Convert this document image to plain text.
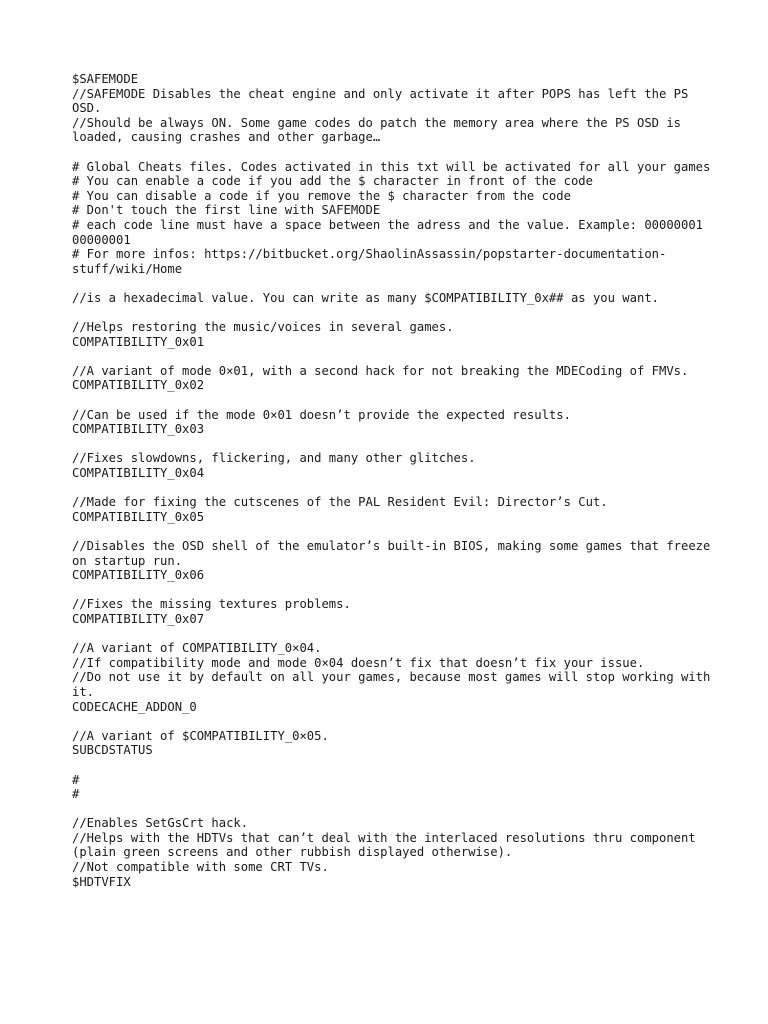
$SAFEMODE
//SAFEMODE Disables the cheat engine and only activate it after POPS has left the PS OSD.
//Should be always ON. Some game codes do patch the memory area where the PS OSD is loaded, causing crashes and other garbage…
# Global Cheats files. Codes activated in this txt will be activated for all your games
# You can enable a code if you add the $ character in front of the code
# You can disable a code if you remove the $ character from the code
# Don't touch the first line with SAFEMODE
# each code line must have a space between the adress and the value. Example: 00000001 00000001
# For more infos: https://bitbucket.org/ShaolinAssassin/popstarter-documentation-stuff/wiki/Home
//is a hexadecimal value. You can write as many $COMPATIBILITY_0x## as you want.
//Helps restoring the music/voices in several games.
COMPATIBILITY_0x01
//A variant of mode 0×01, with a second hack for not breaking the MDECoding of FMVs.
COMPATIBILITY_0x02
//Can be used if the mode 0×01 doesn’t provide the expected results.
COMPATIBILITY_0x03
//Fixes slowdowns, flickering, and many other glitches.
COMPATIBILITY_0x04
//Made for fixing the cutscenes of the PAL Resident Evil: Director’s Cut.
COMPATIBILITY_0x05
//Disables the OSD shell of the emulator’s built-in BIOS, making some games that freeze on startup run.
COMPATIBILITY_0x06
//Fixes the missing textures problems.
COMPATIBILITY_0x07
//A variant of COMPATIBILITY_0×04.
//If compatibility mode and mode 0×04 doesn’t fix that doesn’t fix your issue.
//Do not use it by default on all your games, because most games will stop working with it.
CODECACHE_ADDON_0
//A variant of $COMPATIBILITY_0×05.
SUBCDSTATUS
#
#
//Enables SetGsCrt hack.
//Helps with the HDTVs that can’t deal with the interlaced resolutions thru component (plain green screens and other rubbish displayed otherwise).
//Not compatible with some CRT TVs.
$HDTVFIX
